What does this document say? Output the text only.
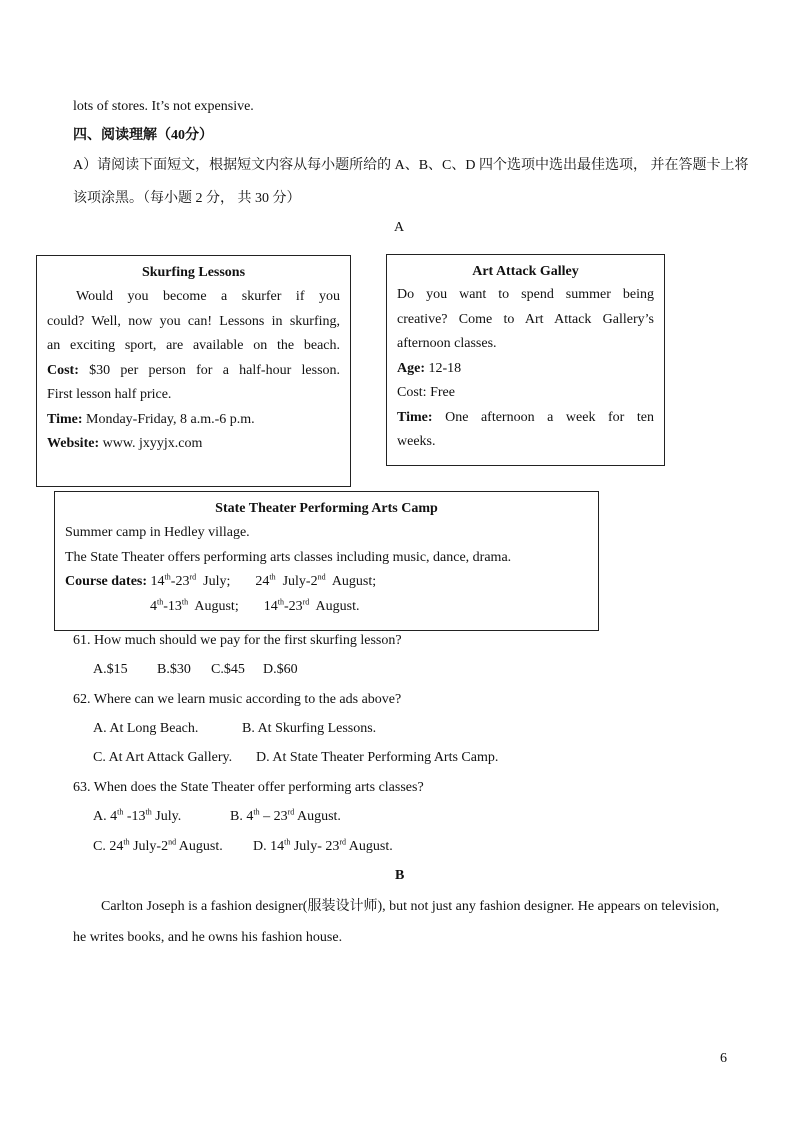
lots of stores. It’s not expensive.
四、阅读理解（40分）
A）请阅读下面短文，根据短文内容从每小题所给的 A、B、C、D 四个选项中选出最佳选项， 并在答题卡上将
该项涂黑。（每小题 2 分， 共 30 分）
A
Skurfing Lessons

Would you become a skurfer if you

could? Well, now you can! Lessons in skurfing,

an exciting sport, are available on the beach.

Cost: $30 per person for a half-hour lesson.

First lesson half price.

Time: Monday-Friday, 8 a.m.-6 p.m.

Website: www. jxyyjx.com

Art Attack Galley

Do you want to spend summer being

creative? Come to Art Attack Gallery’s

afternoon classes.

Age: 12-18

Cost: Free

Time: One afternoon a week for ten

weeks.

State Theater Performing Arts Camp

Summer camp in Hedley village.

The State Theater offers performing arts classes including music, dance, drama.

Course dates: 14th-23rd  July; 24th  July-2nd  August;

4th-13th  August; 14th-23rd  August.

61. How much should we pay for the first skurfing lesson?
A.$15 B.$30 C.$45 D.$60
62. Where can we learn music according to the ads above?
A. At Long Beach.	B. At Skurfing Lessons.
C. At Art Attack Gallery. D. At State Theater Performing Arts Camp.
63. When does the State Theater offer performing arts classes?
A. 4th -13th July.	B. 4th – 23rd August.
C. 24th July-2nd August. D. 14th July- 23rd August.
B
Carlton Joseph is a fashion designer(服装设计师), but not just any fashion designer. He appears on television,
he writes books, and he owns his fashion house.
6
